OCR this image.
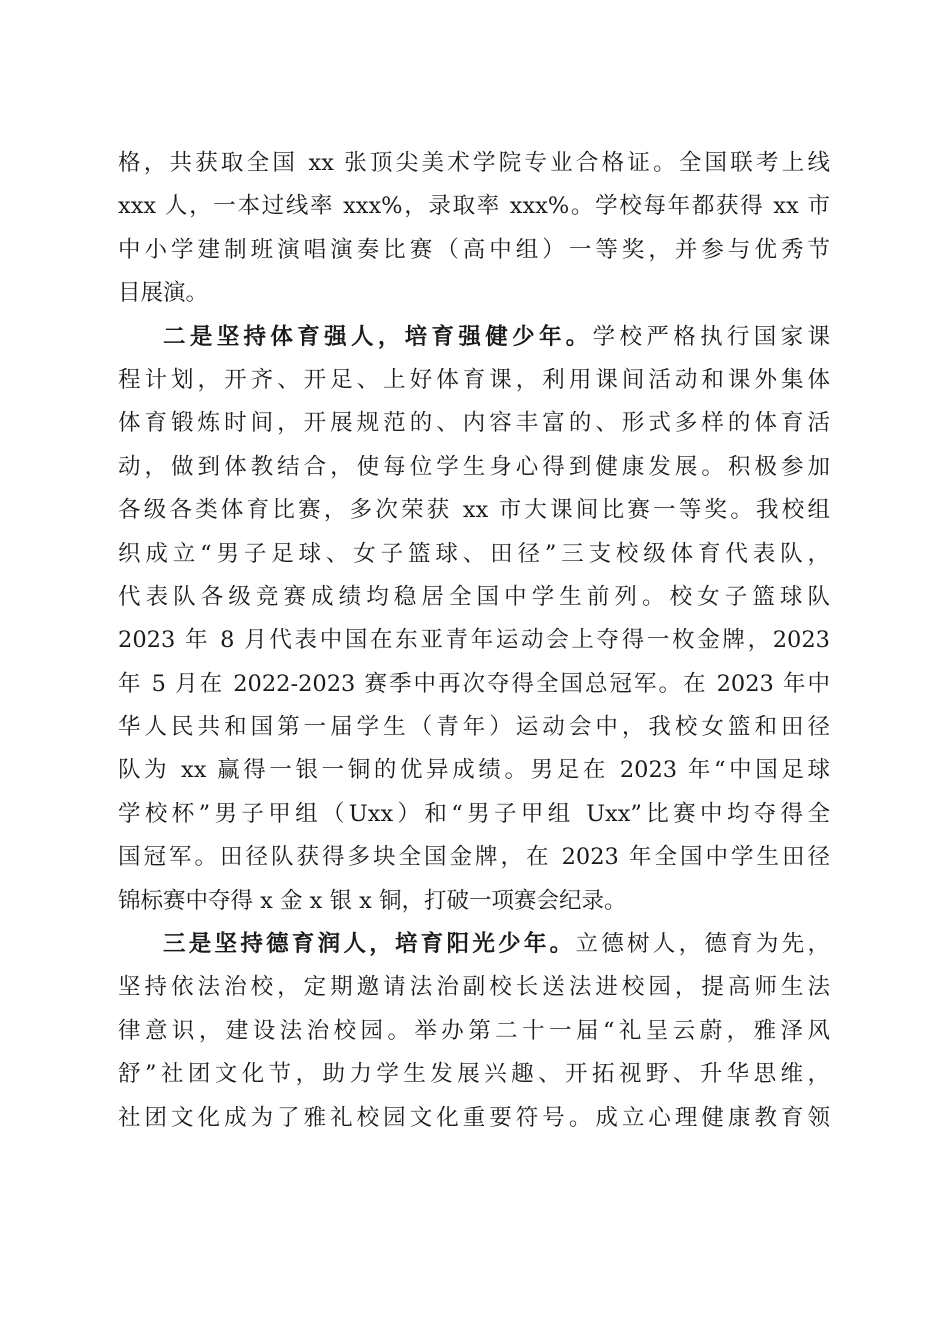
格，共获取全国 xx 张顶尖美术学院专业合格证。全国联考上线
xxx 人，一本过线率 xxx%，录取率 xxx%。学校每年都获得 xx 市
中小学建制班演唱演奏比赛（高中组）一等奖，并参与优秀节
目展演。
二是坚持体育强人，培育强健少年。学校严格执行国家课
程计划，开齐、开足、上好体育课，利用课间活动和课外集体
体育锻炼时间，开展规范的、内容丰富的、形式多样的体育活
动，做到体教结合，使每位学生身心得到健康发展。积极参加
各级各类体育比赛，多次荣获 xx 市大课间比赛一等奖。我校组
织成立“男子足球、女子篮球、田径”三支校级体育代表队，
代表队各级竞赛成绩均稳居全国中学生前列。校女子篮球队
2023 年 8 月代表中国在东亚青年运动会上夺得一枚金牌，2023
年 5 月在 2022-2023 赛季中再次夺得全国总冠军。在 2023 年中
华人民共和国第一届学生（青年）运动会中，我校女篮和田径
队为 xx 赢得一银一铜的优异成绩。男足在 2023 年“中国足球
学校杯”男子甲组（Uxx）和“男子甲组 Uxx”比赛中均夺得全
国冠军。田径队获得多块全国金牌，在 2023 年全国中学生田径
锦标赛中夺得 x 金 x 银 x 铜，打破一项赛会纪录。
三是坚持德育润人，培育阳光少年。立德树人，德育为先，
坚持依法治校，定期邀请法治副校长送法进校园，提高师生法
律意识，建设法治校园。举办第二十一届“礼呈云蔚，雅泽风
舒”社团文化节，助力学生发展兴趣、开拓视野、升华思维，
社团文化成为了雅礼校园文化重要符号。成立心理健康教育领
